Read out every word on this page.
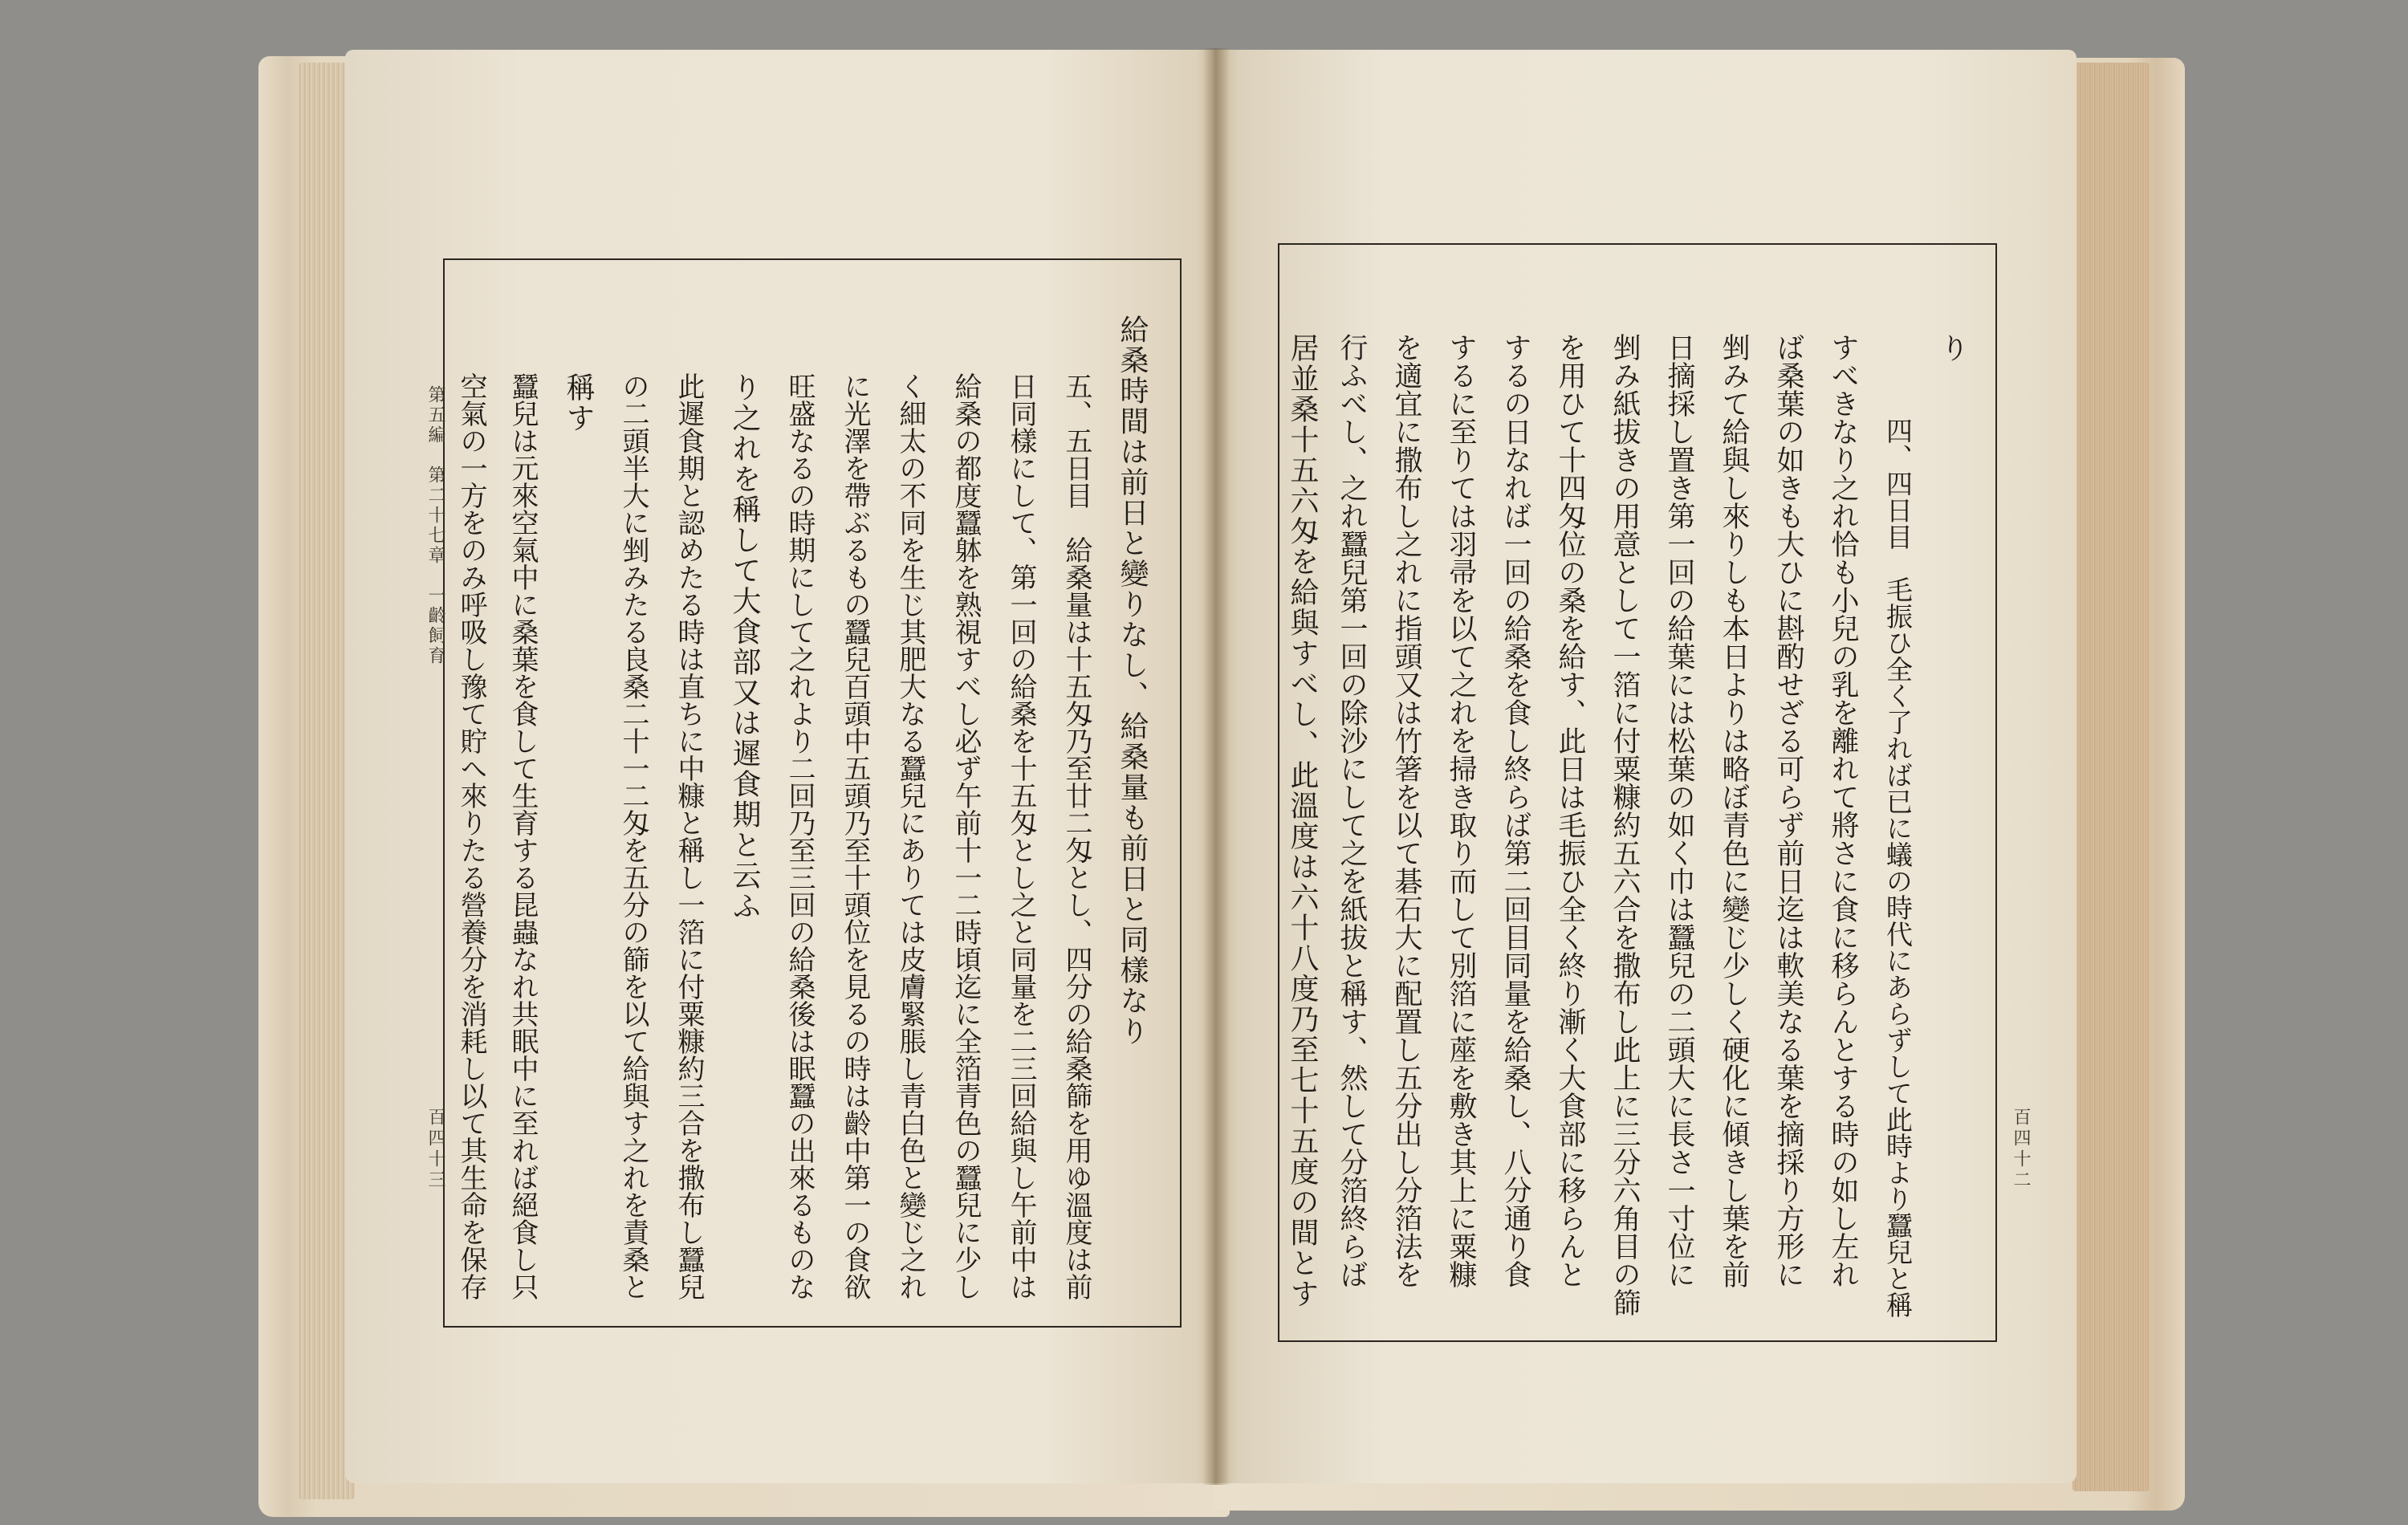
第五編　第二十七章　一齡飼育
百四十三
給桑時間は前日と變りなし、給桑量も前日と同樣なり
五、五日目　給桑量は十五匁乃至廿二匁とし、四分の給桑篩を用ゆ溫度は前
日同樣にして、第一回の給桑を十五匁とし之と同量を二三回給與し午前中は
給桑の都度蠶躰を熟視すべし必ず午前十一二時頃迄に全箔青色の蠶兒に少し
く細太の不同を生じ其肥大なる蠶兒にありては皮膚緊脹し青白色と變じ之れ
に光澤を帶ぶるもの蠶兒百頭中五頭乃至十頭位を見るの時は齡中第一の食欲
旺盛なるの時期にして之れより二回乃至三回の給桑後は眠蠶の出來るものな
り之れを稱して大食部又は遲食期と云ふ
此遲食期と認めたる時は直ちに中糠と稱し一箔に付粟糠約三合を撒布し蠶兒
の二頭半大に剉みたる良桑二十一二匁を五分の篩を以て給與す之れを責桑と
稱す
蠶兒は元來空氣中に桑葉を食して生育する昆蟲なれ共眠中に至れば絕食し只
空氣の一方をのみ呼吸し豫て貯へ來りたる營養分を消耗し以て其生命を保存	百四十二
り
四、四日目　毛振ひ全く了れば已に蟻の時代にあらずして此時より蠶兒と稱
すべきなり之れ恰も小兒の乳を離れて將さに食に移らんとする時の如し左れ
ば桑葉の如きも大ひに斟酌せざる可らず前日迄は軟美なる葉を摘採り方形に
剉みて給與し來りしも本日よりは略ぼ青色に變じ少しく硬化に傾きし葉を前
日摘採し置き第一回の給葉には松葉の如く巾は蠶兒の二頭大に長さ一寸位に
剉み紙拔きの用意として一箔に付粟糠約五六合を撒布し此上に三分六角目の篩
を用ひて十四匁位の桑を給す、此日は毛振ひ全く終り漸く大食部に移らんと
するの日なれば一回の給桑を食し終らば第二回目同量を給桑し、八分通り食
するに至りては羽帚を以て之れを掃き取り而して別箔に蓙を敷き其上に粟糠
を適宜に撒布し之れに指頭又は竹箸を以て碁石大に配置し五分出し分箔法を
行ふべし、之れ蠶兒第一回の除沙にして之を紙拔と稱す、然して分箔終らば
居並桑十五六匁を給與すべし、此溫度は六十八度乃至七十五度の間とす
